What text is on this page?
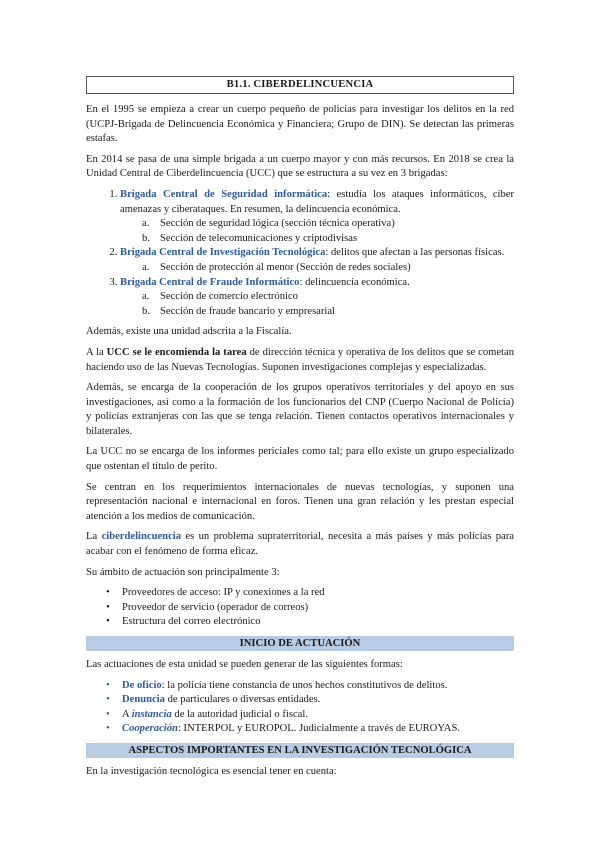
B1.1. CIBERDELINCUENCIA

En el 1995 se empieza a crear un cuerpo pequeño de policías para investigar los delitos en la red (UCPJ-Brigada de Delincuencia Económica y Financiera; Grupo de DIN). Se detectan las primeras estafas.

En 2014 se pasa de una simple brigada a un cuerpo mayor y con más recursos. En 2018 se crea la Unidad Central de Ciberdelincuencia (UCC) que se estructura a su vez en 3 brigadas:

1. Brigada Central de Seguridad informática: estudia los ataques informáticos, ciber amenazas y ciberataques. En resumen, la delincuencia económica.
a. Sección de seguridad lógica (sección técnica operativa)
b. Sección de telecomunicaciones y criptodivisas
2. Brigada Central de Investigación Tecnológica: delitos que afectan a las personas físicas.
a. Sección de protección al menor (Sección de redes sociales)
3. Brigada Central de Fraude Informático: delincuencia económica.
a. Sección de comercio electrónico
b. Sección de fraude bancario y empresarial

Además, existe una unidad adscrita a la Fiscalía.

A la UCC se le encomienda la tarea de dirección técnica y operativa de los delitos que se cometan haciendo uso de las Nuevas Tecnologías. Suponen investigaciones complejas y especializadas.

Además, se encarga de la cooperación de los grupos operativos territoriales y del apoyo en sus investigaciones, así como a la formación de los funcionarios del CNP (Cuerpo Nacional de Policía) y policías extranjeras con las que se tenga relación. Tienen contactos operativos internacionales y bilaterales.

La UCC no se encarga de los informes periciales como tal; para ello existe un grupo especializado que ostentan el título de perito.

Se centran en los requerimientos internacionales de nuevas tecnologías, y suponen una representación nacional e internacional en foros. Tienen una gran relación y les prestan especial atención a los medios de comunicación.

La ciberdelincuencia es un problema supraterritorial, necesita a más países y más policías para acabar con el fenómeno de forma eficaz.

Su ámbito de actuación son principalmente 3:

• Proveedores de acceso: IP y conexiones a la red
• Proveedor de servicio (operador de correos)
• Estructura del correo electrónico
INICIO DE ACTUACIÓN

Las actuaciones de esta unidad se pueden generar de las siguientes formas:

• De oficio: la policía tiene constancia de unos hechos constitutivos de delitos.
• Denuncia de particulares o diversas entidades.
• A instancia de la autoridad judicial o fiscal.
• Cooperación: INTERPOL y EUROPOL. Judicialmente a través de EUROYAS.
ASPECTOS IMPORTANTES EN LA INVESTIGACIÓN TECNOLÓGICA

En la investigación tecnológica es esencial tener en cuenta:
